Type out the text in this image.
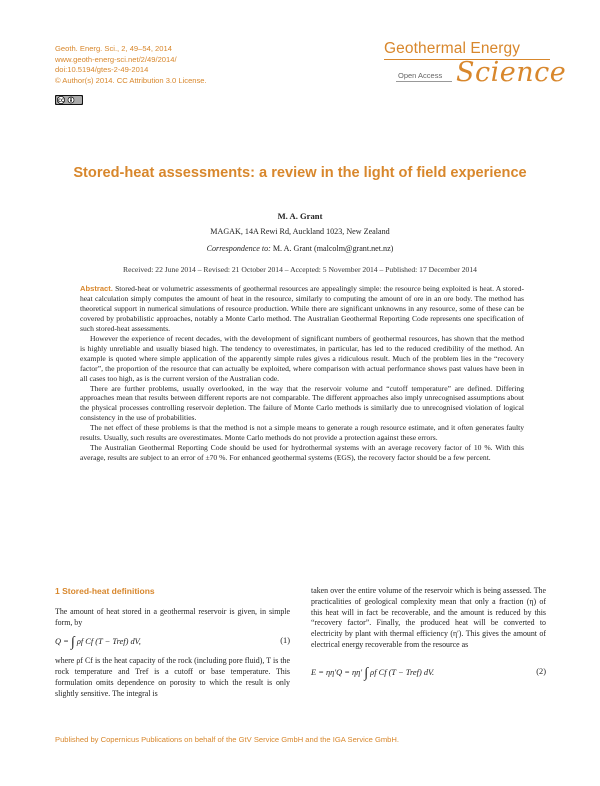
Geoth. Energ. Sci., 2, 49–54, 2014
www.geoth-energ-sci.net/2/49/2014/
doi:10.5194/gtes-2-49-2014
© Author(s) 2014. CC Attribution 3.0 License.
CC
Geothermal Energy
Open Access Science
Stored-heat assessments: a review in the light of field experience
M. A. Grant
MAGAK, 14A Rewi Rd, Auckland 1023, New Zealand
Correspondence to: M. A. Grant (malcolm@grant.net.nz)
Received: 22 June 2014 – Revised: 21 October 2014 – Accepted: 5 November 2014 – Published: 17 December 2014

Abstract. Stored-heat or volumetric assessments of geothermal resources are appealingly simple: the resource being exploited is heat. A stored-heat calculation simply computes the amount of heat in the resource, similarly to computing the amount of ore in an ore body. The method has theoretical support in numerical simulations of resource production. While there are significant unknowns in any resource, some of these can be covered by probabilistic approaches, notably a Monte Carlo method. The Australian Geothermal Reporting Code represents one specification of such stored-heat assessments.

However the experience of recent decades, with the development of significant numbers of geothermal resources, has shown that the method is highly unreliable and usually biased high. The tendency to overestimates, in particular, has led to the reduced credibility of the method. An example is quoted where simple application of the apparently simple rules gives a ridiculous result. Much of the problem lies in the “recovery factor”, the proportion of the resource that can actually be exploited, where comparison with actual performance shows past values have been in all cases too high, as is the current version of the Australian code.

There are further problems, usually overlooked, in the way that the reservoir volume and “cutoff temperature” are defined. Differing approaches mean that results between different reports are not comparable. The different approaches also imply unrecognised assumptions about the physical processes controlling reservoir depletion. The failure of Monte Carlo methods is similarly due to unrecognised violation of logical consistency in the use of probabilities.

The net effect of these problems is that the method is not a simple means to generate a rough resource estimate, and it often generates faulty results. Usually, such results are overestimates. Monte Carlo methods do not provide a protection against these errors.

The Australian Geothermal Reporting Code should be used for hydrothermal systems with an average recovery factor of 10 %. With this average, results are subject to an error of ±70 %. For enhanced geothermal systems (EGS), the recovery factor should be a few percent.

1 Stored-heat definitions

The amount of heat stored in a geothermal reservoir is given, in simple form, by

Q = ∫ ρf Cf (T − Tref) dV,	(1)

where ρf Cf is the heat capacity of the rock (including pore fluid), T is the rock temperature and Tref is a cutoff or base temperature. This formulation omits dependence on porosity to which the result is only slightly sensitive. The integral is

taken over the entire volume of the reservoir which is being assessed. The practicalities of geological complexity mean that only a fraction (η) of this heat will in fact be recoverable, and the amount is reduced by this “recovery factor”. Finally, the produced heat will be converted to electricity by plant with thermal efficiency (η′). This gives the amount of electrical energy recoverable from the resource as

E = ηη′Q = ηη′ ∫ ρf Cf (T − Tref) dV.	(2)
Published by Copernicus Publications on behalf of the GtV Service GmbH and the IGA Service GmbH.
